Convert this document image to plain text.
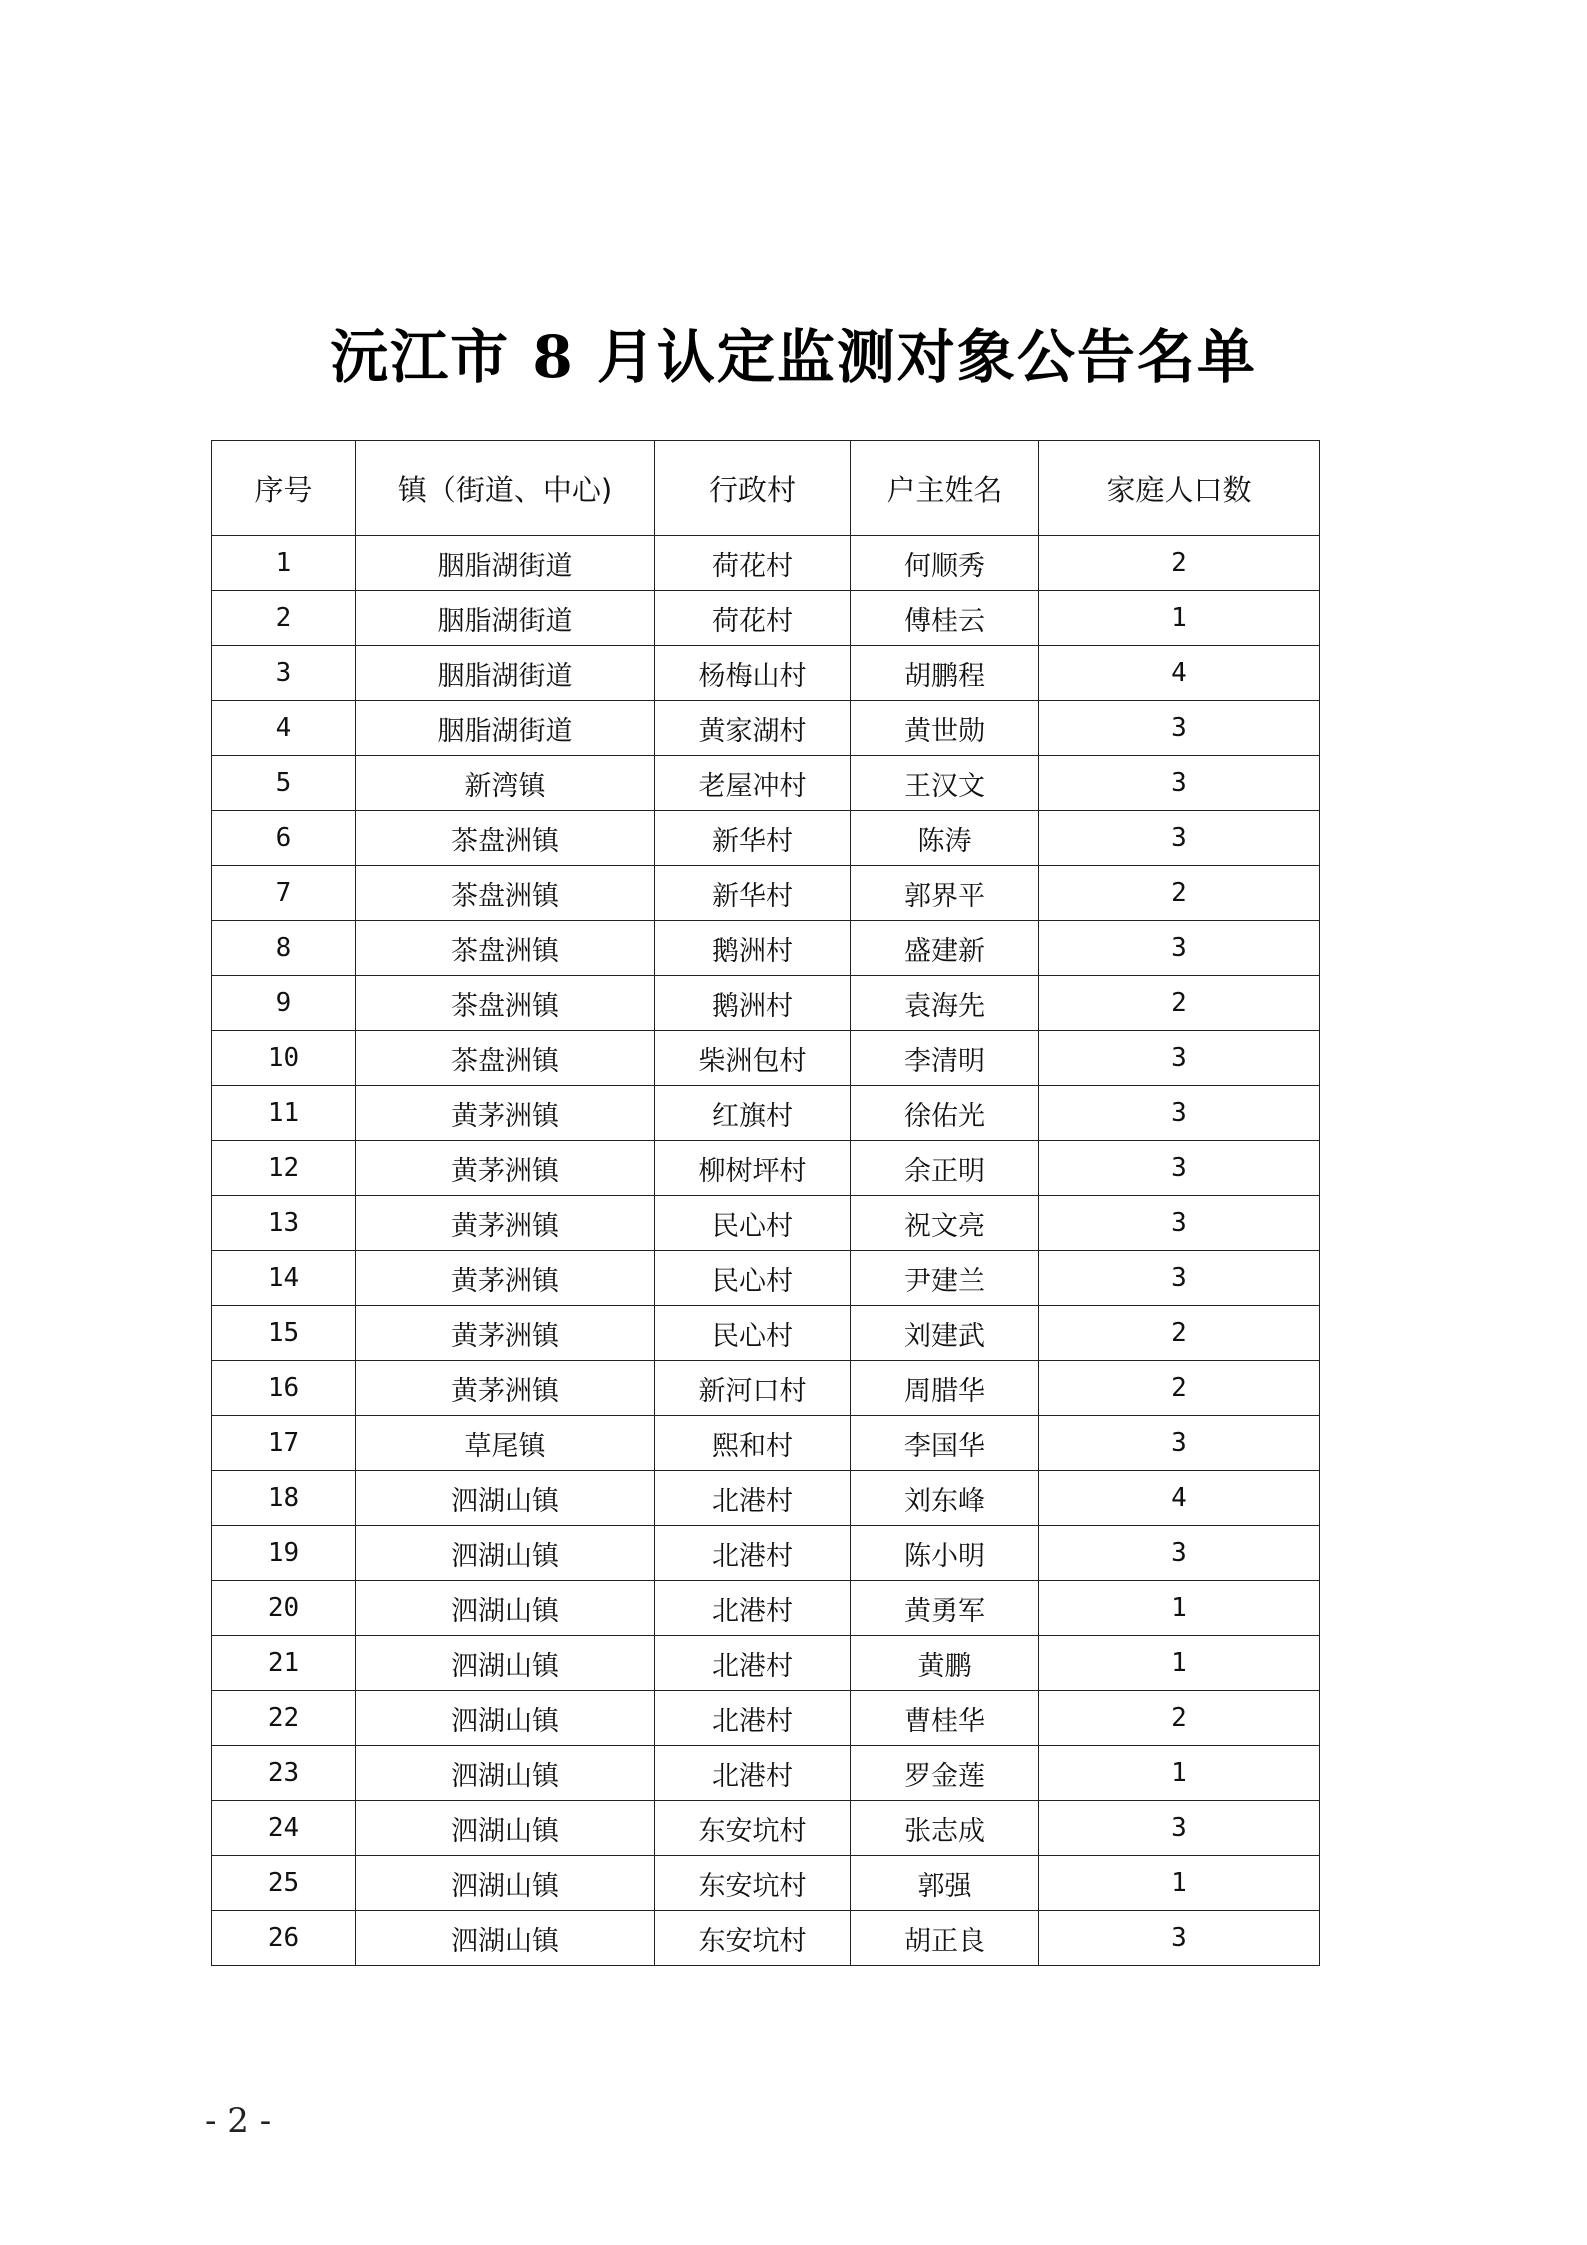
沅江市 8 月认定监测对象公告名单
序号	镇（街道、中心)	行政村	户主姓名	家庭人口数
1	胭脂湖街道	荷花村	何顺秀	2
2	胭脂湖街道	荷花村	傅桂云	1
3	胭脂湖街道	杨梅山村	胡鹏程	4
4	胭脂湖街道	黄家湖村	黄世勋	3
5	新湾镇	老屋冲村	王汉文	3
6	茶盘洲镇	新华村	陈涛	3
7	茶盘洲镇	新华村	郭界平	2
8	茶盘洲镇	鹅洲村	盛建新	3
9	茶盘洲镇	鹅洲村	袁海先	2
10	茶盘洲镇	柴洲包村	李清明	3
11	黄茅洲镇	红旗村	徐佑光	3
12	黄茅洲镇	柳树坪村	余正明	3
13	黄茅洲镇	民心村	祝文亮	3
14	黄茅洲镇	民心村	尹建兰	3
15	黄茅洲镇	民心村	刘建武	2
16	黄茅洲镇	新河口村	周腊华	2
17	草尾镇	熙和村	李国华	3
18	泗湖山镇	北港村	刘东峰	4
19	泗湖山镇	北港村	陈小明	3
20	泗湖山镇	北港村	黄勇军	1
21	泗湖山镇	北港村	黄鹏	1
22	泗湖山镇	北港村	曹桂华	2
23	泗湖山镇	北港村	罗金莲	1
24	泗湖山镇	东安坑村	张志成	3
25	泗湖山镇	东安坑村	郭强	1
26	泗湖山镇	东安坑村	胡正良	3
- 2 -
